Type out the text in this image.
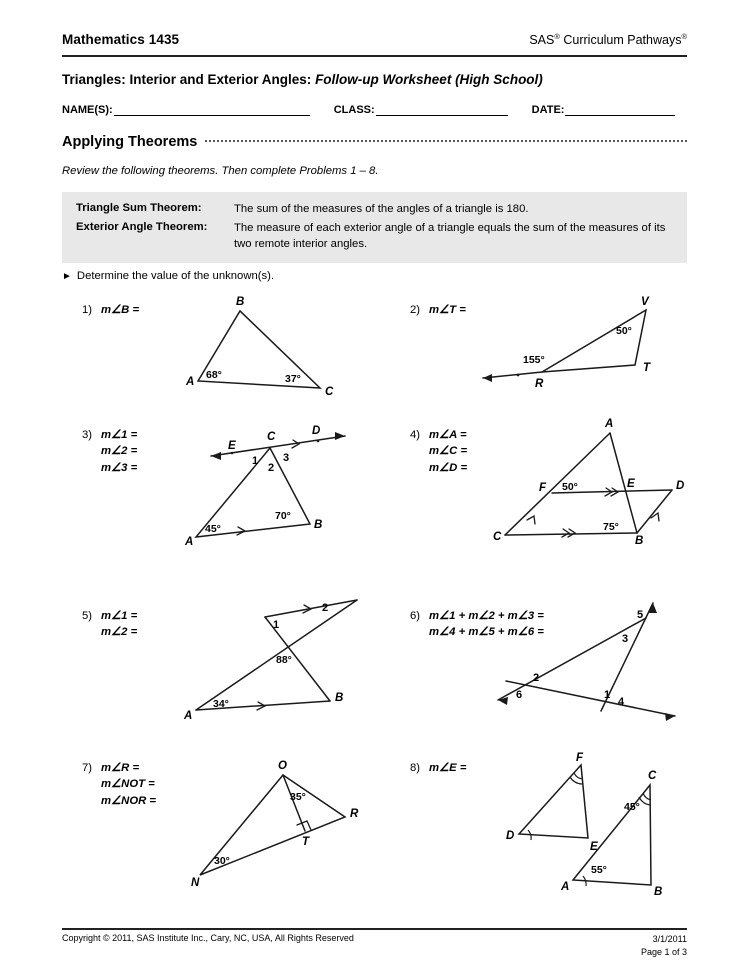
Mathematics 1435	SAS® Curriculum Pathways®
Triangles: Interior and Exterior Angles: Follow-up Worksheet (High School)
NAME(S):	CLASS:	DATE:
Applying Theorems
Review the following theorems. Then complete Problems 1 – 8.
Triangle Sum Theorem:	The sum of the measures of the angles of a triangle is 180.
Exterior Angle Theorem:	The measure of each exterior angle of a triangle equals the sum of the measures of its two remote interior angles.
► Determine the value of the unknown(s).
1) m∠B =
A
B
C
68°	37°
2) m∠T =
R
T
V
155°
50°
3) m∠1 =
m∠2 =
m∠3 =
E
C	D
A
B
1
2
3
45°
70°
4) m∠A =
m∠C =
m∠D =
A
F	E	D
C	B
50°
75°
5) m∠1 =
m∠2 =
A
B
1
2
88°
34°
6) m∠1 + m∠2 + m∠3 =
m∠4 + m∠5 + m∠6 =
1
2
3
4
5
6
7) m∠R =
m∠NOT =
m∠NOR =
O
R
T
N
35°
30°
8) m∠E =
D
F
E
A
C
B
45°
55°
Copyright © 2011, SAS Institute Inc., Cary, NC, USA, All Rights Reserved	3/1/2011
Page 1 of 3
